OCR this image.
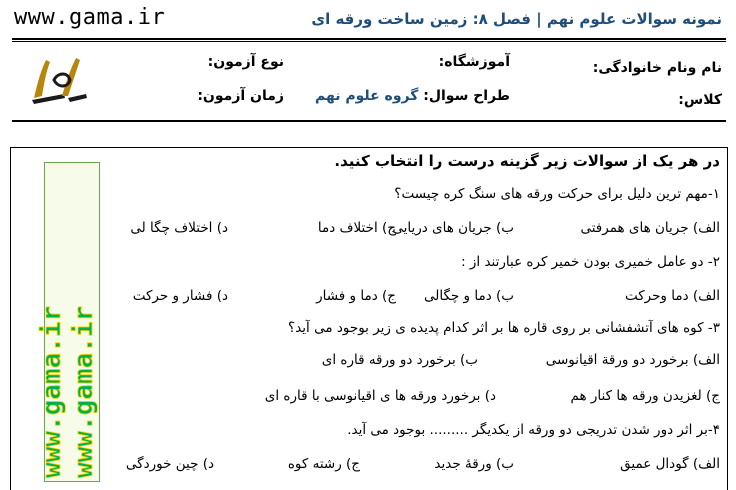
www.gama.ir	نمونه سوالات علوم نهم | فصل ۸: زمین ساخت ورقه ای
نام ونام خانوادگی:
آموزشگاه:
نوع آزمون:
کلاس:
طراح سوال: گروه علوم نهم
زمان آزمون:
www.gama.ir www.gama.ir
در هر یک از سوالات زیر گزینه درست را انتخاب کنید.
۱-مهم ترین دلیل برای حرکت ورقه های سنگ کره چیست؟
الف) جریان های همرفتی
ب) جریان های دریایی
ج) اختلاف دما
د) اختلاف چگا لی
۲- دو عامل خمیری بودن خمیر کره عبارتند از :
الف) دما وحرکت
ب) دما و چگالی
ج) دما و فشار
د) فشار و حرکت
۳- کوه های آتشفشانی بر روی قاره ها بر اثر کدام پدیده ی زیر بوجود می آید؟
الف) برخورد دو ورقة اقیانوسی
ب) برخورد دو ورقه قاره ای
ج) لغزیدن ورقه ها کنار هم
د) برخورد ورقه ها ی اقیانوسی با قاره ای
۴-بر اثر دور شدن تدریجی دو ورقه از یکدیگر ......... بوجود می آید.
الف) گودال عمیق
ب) ورقهٔ جدید
ج) رشته کوه
د) چین خوردگی
